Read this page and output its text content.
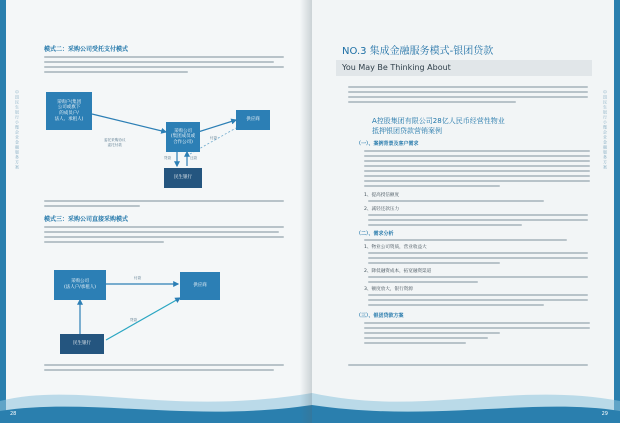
中国民生银行小微企业金融服务方案
模式二：采购公司受托支付模式
采购户(集团
公司或旗下
的成员户/
法人、承租人)
采购公司
(集团成员或
合作公司)
供应商
民生银行
委托采购协议
委托付款
付款
贷款	还款
模式三：采购公司直接采购模式
采购公司
(法人户/承租人)	供应商
民生银行
付款
贷款
28
中国民生银行小微企业金融服务方案
NO.3 集成金融服务模式-银团贷款
You May Be Thinking About
A控股集团有限公司28亿人民币经营性物业
抵押银团贷款营销案例
（一）、案例背景及客户需求
1、提高授信额度
2、减轻还款压力
（二）、需求分析
1、物业公司资质，营业收益大
2、降低融资成本，拓宽融资渠道
3、额度放大，银行资源
（三）、银团贷款方案
29
